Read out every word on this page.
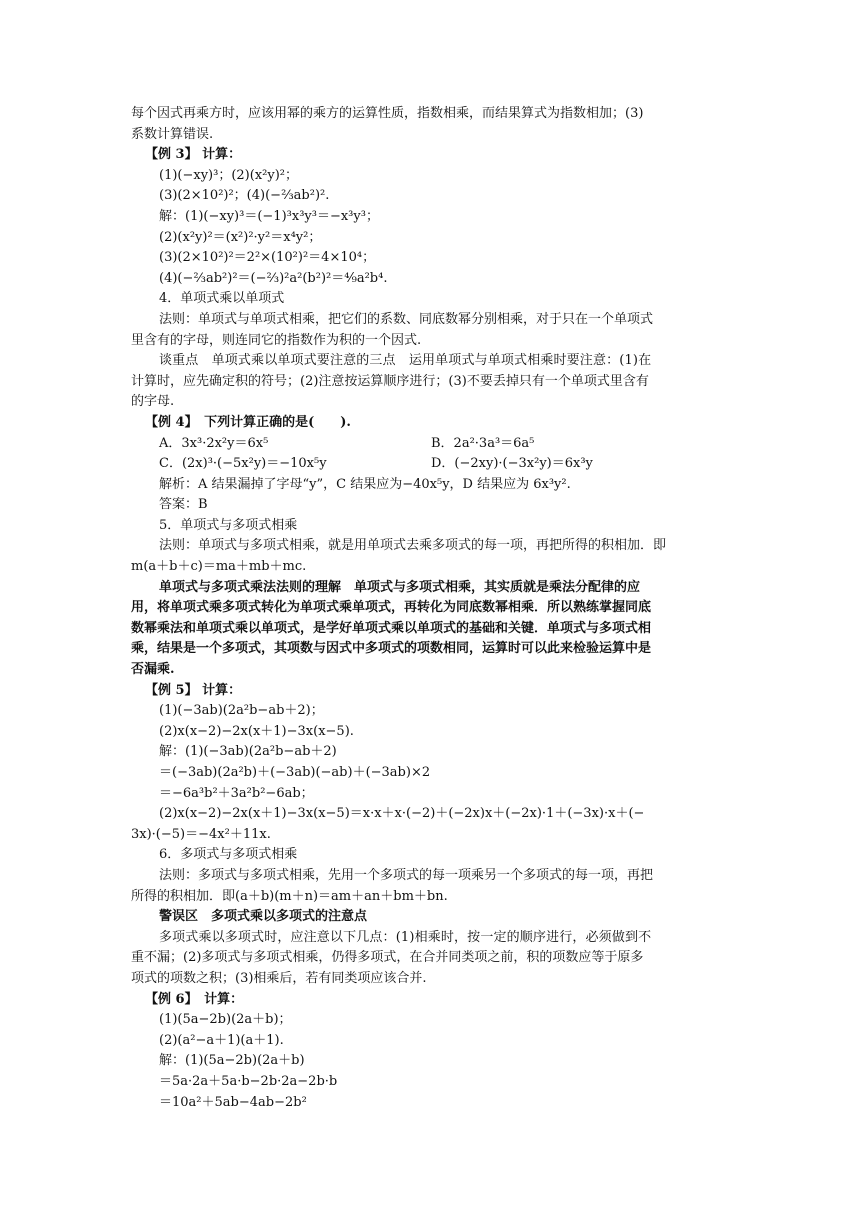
每个因式再乘方时，应该用幂的乘方的运算性质，指数相乘，而结果算式为指数相加；(3)
系数计算错误.
【例 3】 计算：
(1)(−xy)³；(2)(x²y)²；
(3)(2×10²)²；(4)(−⅔ab²)².
解：(1)(−xy)³＝(−1)³x³y³＝−x³y³；
(2)(x²y)²＝(x²)²·y²＝x⁴y²；
(3)(2×10²)²＝2²×(10²)²＝4×10⁴；
(4)(−⅔ab²)²＝(−⅔)²a²(b²)²＝⁴⁄₉a²b⁴.
4．单项式乘以单项式
法则：单项式与单项式相乘，把它们的系数、同底数幂分别相乘，对于只在一个单项式
里含有的字母，则连同它的指数作为积的一个因式.
谈重点　单项式乘以单项式要注意的三点　运用单项式与单项式相乘时要注意：(1)在
计算时，应先确定积的符号；(2)注意按运算顺序进行；(3)不要丢掉只有一个单项式里含有
的字母.
【例 4】　下列计算正确的是(　　).
A．3x³·2x²y＝6x⁵	B．2a²·3a³＝6a⁵
C．(2x)³·(−5x²y)＝−10x⁵y	D．(−2xy)·(−3x²y)＝6x³y
解析：A 结果漏掉了字母“y”，C 结果应为−40x⁵y，D 结果应为 6x³y².
答案：B
5．单项式与多项式相乘
法则：单项式与多项式相乘，就是用单项式去乘多项式的每一项，再把所得的积相加．即
m(a＋b＋c)＝ma＋mb＋mc.
单项式与多项式乘法法则的理解　单项式与多项式相乘，其实质就是乘法分配律的应
用，将单项式乘多项式转化为单项式乘单项式，再转化为同底数幂相乘．所以熟练掌握同底
数幂乘法和单项式乘以单项式，是学好单项式乘以单项式的基础和关键．单项式与多项式相
乘，结果是一个多项式，其项数与因式中多项式的项数相同，运算时可以此来检验运算中是
否漏乘.
【例 5】 计算：
(1)(−3ab)(2a²b−ab＋2)；
(2)x(x−2)−2x(x＋1)−3x(x−5).
解：(1)(−3ab)(2a²b−ab＋2)
＝(−3ab)(2a²b)＋(−3ab)(−ab)＋(−3ab)×2
＝−6a³b²＋3a²b²−6ab；
(2)x(x−2)−2x(x＋1)−3x(x−5)＝x·x＋x·(−2)＋(−2x)x＋(−2x)·1＋(−3x)·x＋(−
3x)·(−5)＝−4x²＋11x.
6．多项式与多项式相乘
法则：多项式与多项式相乘，先用一个多项式的每一项乘另一个多项式的每一项，再把
所得的积相加．即(a＋b)(m＋n)＝am＋an＋bm＋bn.
警误区　多项式乘以多项式的注意点
多项式乘以多项式时，应注意以下几点：(1)相乘时，按一定的顺序进行，必须做到不
重不漏；(2)多项式与多项式相乘，仍得多项式，在合并同类项之前，积的项数应等于原多
项式的项数之积；(3)相乘后，若有同类项应该合并.
【例 6】　计算：
(1)(5a−2b)(2a＋b)；
(2)(a²−a＋1)(a＋1).
解：(1)(5a−2b)(2a＋b)
＝5a·2a＋5a·b−2b·2a−2b·b
＝10a²＋5ab−4ab−2b²
